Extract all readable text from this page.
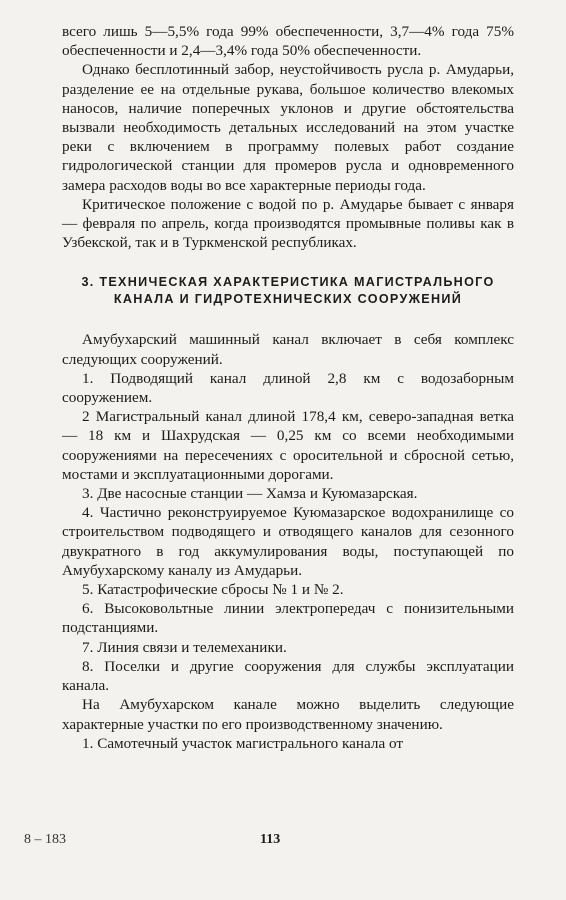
всего лишь 5—5,5% года 99% обеспеченности, 3,7—4% года 75% обеспеченности и 2,4—3,4% года 50% обеспеченности.

Однако бесплотинный забор, неустойчивость русла р. Амударьи, разделение ее на отдельные рукава, большое количество влекомых наносов, наличие поперечных уклонов и другие обстоятельства вызвали необходимость детальных исследований на этом участке реки с включением в программу полевых работ создание гидрологической станции для промеров русла и одновременного замера расходов воды во все характерные периоды года.

Критическое положение с водой по р. Амударье бывает с января — февраля по апрель, когда производятся промывные поливы как в Узбекской, так и в Туркменской республиках.

3. ТЕХНИЧЕСКАЯ ХАРАКТЕРИСТИКА МАГИСТРАЛЬНОГО
КАНАЛА И ГИДРОТЕХНИЧЕСКИХ СООРУЖЕНИЙ

Амубухарский машинный канал включает в себя комплекс следующих сооружений.

1. Подводящий канал длиной 2,8 км с водозаборным сооружением.

2 Магистральный канал длиной 178,4 км, северо-западная ветка — 18 км и Шахрудская — 0,25 км со всеми необходимыми сооружениями на пересечениях с оросительной и сбросной сетью, мостами и эксплуатационными дорогами.

3. Две насосные станции — Хамза и Куюмазарская.

4. Частично реконструируемое Куюмазарское водохранилище со строительством подводящего и отводящего каналов для сезонного двукратного в год аккумулирования воды, поступающей по Амубухарскому каналу из Амударьи.

5. Катастрофические сбросы № 1 и № 2.

6. Высоковольтные линии электропередач с понизительными подстанциями.

7. Линия связи и телемеханики.

8. Поселки и другие сооружения для службы эксплуатации канала.

На Амубухарском канале можно выделить следующие характерные участки по его производственному значению.

1. Самотечный участок магистрального канала от

8 – 183	113
